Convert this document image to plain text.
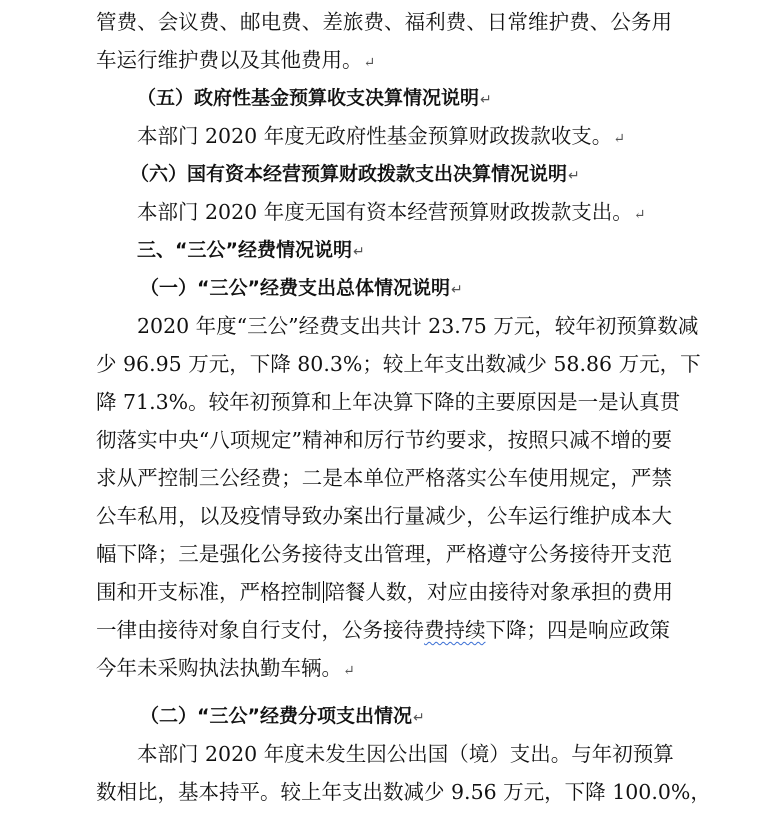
管费、会议费、邮电费、差旅费、福利费、日常维护费、公务用
车运行维护费以及其他费用。↵
（五）政府性基金预算收支决算情况说明↵
本部门 2020 年度无政府性基金预算财政拨款收支。↵
（六）国有资本经营预算财政拨款支出决算情况说明↵
本部门 2020 年度无国有资本经营预算财政拨款支出。↵
三、“三公”经费情况说明↵
（一）“三公”经费支出总体情况说明↵
2020 年度“三公”经费支出共计 23.75 万元，较年初预算数减
少 96.95 万元，下降 80.3%；较上年支出数减少 58.86 万元，下
降 71.3%。较年初预算和上年决算下降的主要原因是一是认真贯
彻落实中央“八项规定”精神和厉行节约要求，按照只减不增的要
求从严控制三公经费；二是本单位严格落实公车使用规定，严禁
公车私用，以及疫情导致办案出行量减少，公车运行维护成本大
幅下降；三是强化公务接待支出管理，严格遵守公务接待开支范
围和开支标准，严格控制 陪餐人数，对应由接待对象承担的费用
一律由接待对象自行支付，公务接待费持续下降；四是响应政策
今年未采购执法执勤车辆。↵
（二）“三公”经费分项支出情况↵
本部门 2020 年度未发生因公出国（境）支出。与年初预算
数相比，基本持平。较上年支出数减少 9.56 万元，下降 100.0%，
